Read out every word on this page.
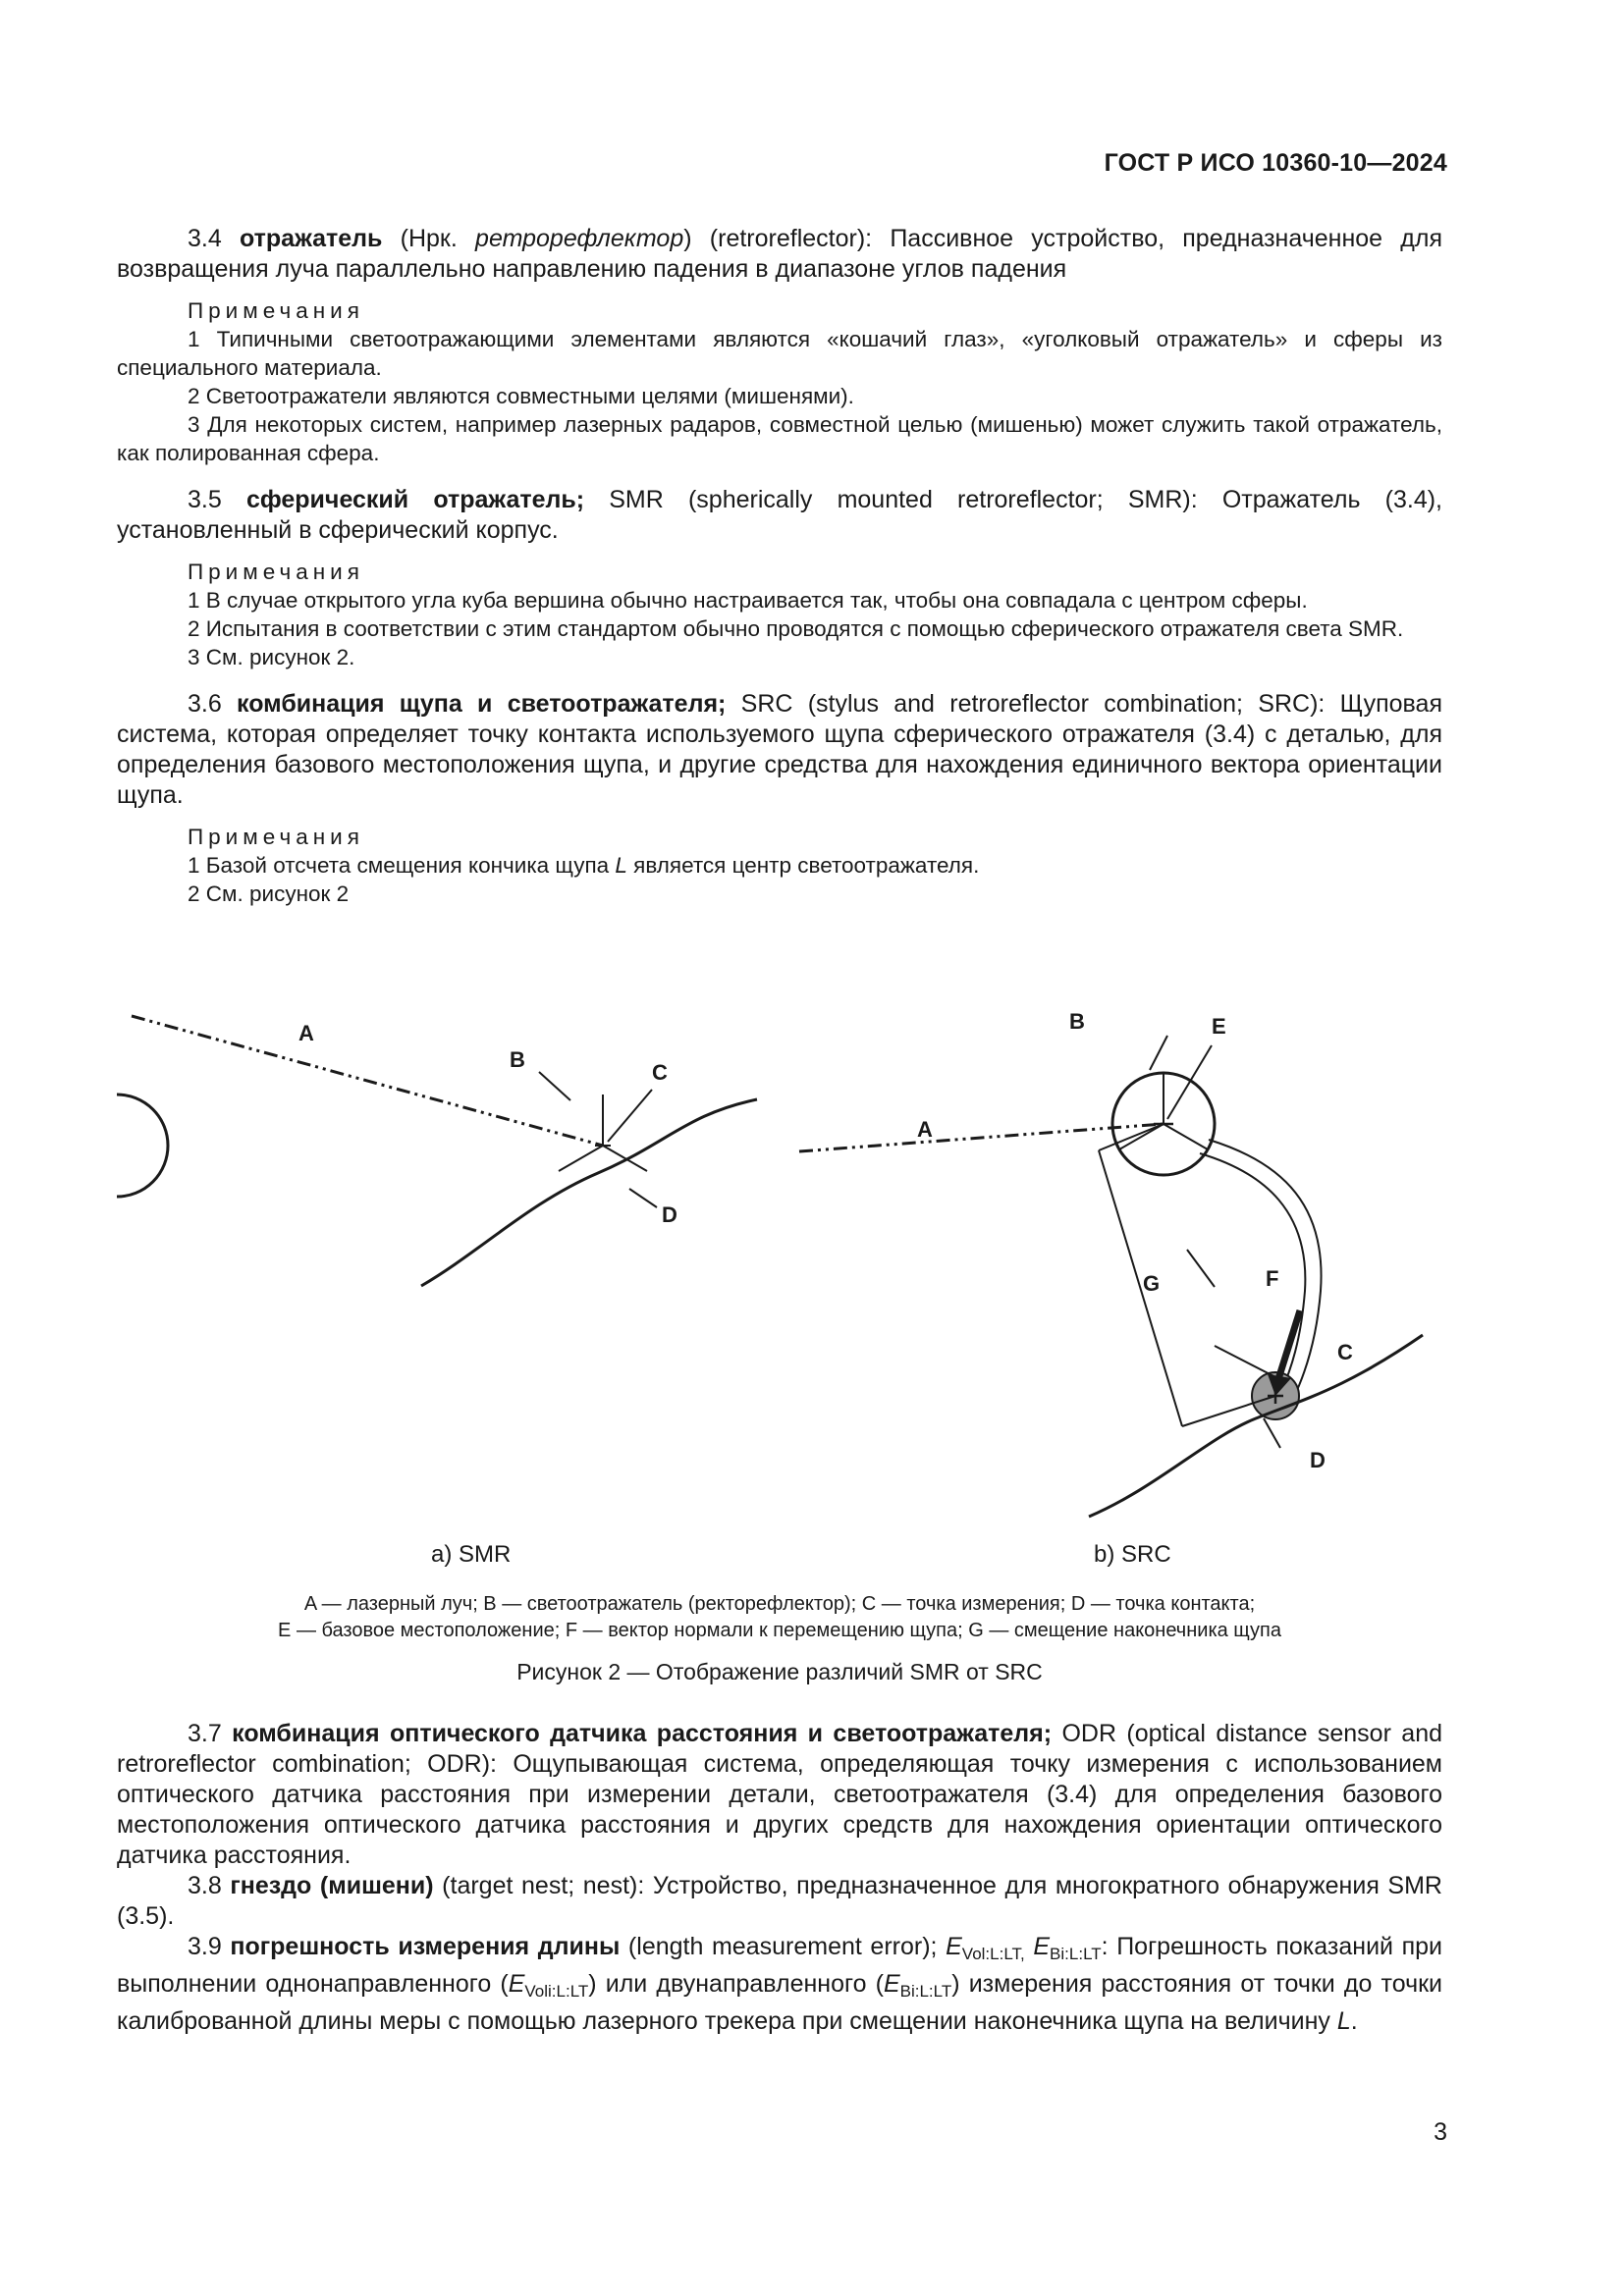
ГОСТ Р ИСО 10360-10—2024

3.4 отражатель (Нрк. ретрорефлектор) (retroreflector): Пассивное устройство, предназначенное для возвращения луча параллельно направлению падения в диапазоне углов падения

Примечания

1 Типичными светоотражающими элементами являются «кошачий глаз», «уголковый отражатель» и сферы из специального материала.

2 Светоотражатели являются совместными целями (мишенями).

3 Для некоторых систем, например лазерных радаров, совместной целью (мишенью) может служить такой отражатель, как полированная сфера.

3.5 сферический отражатель; SMR (spherically mounted retroreflector; SMR): Отражатель (3.4), установленный в сферический корпус.

Примечания

1 В случае открытого угла куба вершина обычно настраивается так, чтобы она совпадала с центром сферы.

2 Испытания в соответствии с этим стандартом обычно проводятся с помощью сферического отражателя света SMR.

3 См. рисунок 2.

3.6 комбинация щупа и светоотражателя; SRC (stylus and retroreflector combination; SRC): Щуповая система, которая определяет точку контакта используемого щупа сферического отражателя (3.4) с деталью, для определения базового местоположения щупа, и другие средства для нахождения единичного вектора ориентации щупа.

Примечания

1 Базой отсчета смещения кончика щупа L является центр светоотражателя.

2 См. рисунок 2

A
B
C
D
A
B	E
G	F
C
D
a) SMR	b) SRC
A — лазерный луч; B — светоотражатель (ректорефлектор); C — точка измерения; D — точка контакта;
E — базовое местоположение; F — вектор нормали к перемещению щупа; G — смещение наконечника щупа
Рисунок 2 — Отображение различий SMR от SRC

3.7 комбинация оптического датчика расстояния и светоотражателя; ODR (optical distance sensor and retroreflector combination; ODR): Ощупывающая система, определяющая точку измерения с использованием оптического датчика расстояния при измерении детали, светоотражателя (3.4) для определения базового местоположения оптического датчика расстояния и других средств для нахождения ориентации оптического датчика расстояния.

3.8 гнездо (мишени) (target nest; nest): Устройство, предназначенное для многократного обнаружения SMR (3.5).

3.9 погрешность измерения длины (length measurement error); $E_{Vol:L:LT,}$ $E_{Bi:L:LT}$: Погрешность показаний при выполнении однонаправленного $(E_{Voli:L:LT})$ или двунаправленного $(E_{Bi:L:LT})$ измерения расстояния от точки до точки калиброванной длины меры с помощью лазерного трекера при смещении наконечника щупа на величину L.

3
